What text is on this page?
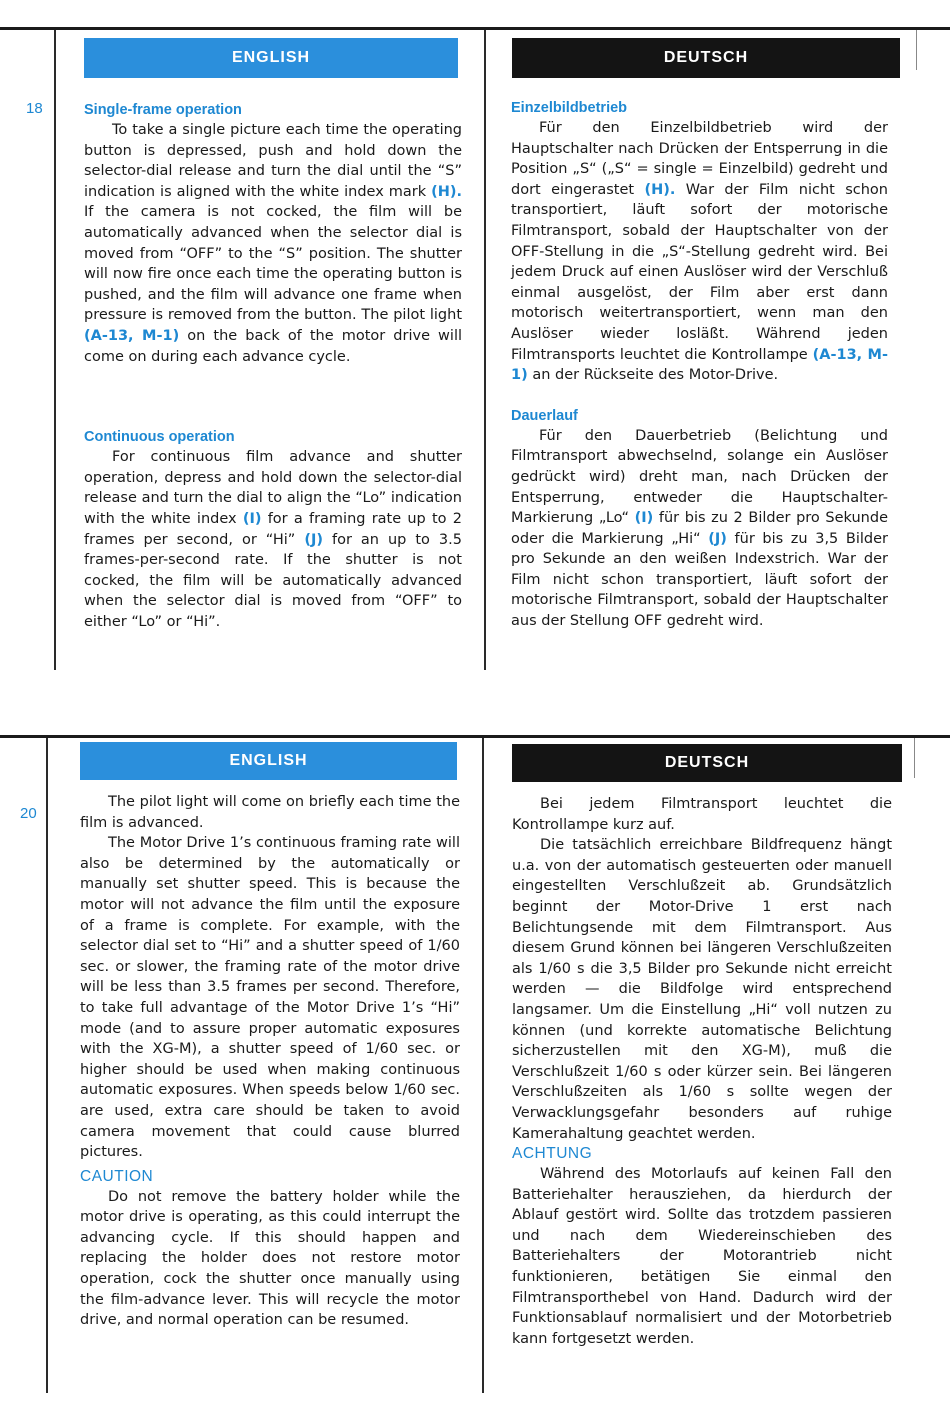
18
ENGLISH	DEUTSCH
Single-frame operation

To take a single picture each time the operating button is depressed, push and hold down the selector-dial release and turn the dial until the “S” indication is aligned with the white index mark (H). If the camera is not cocked, the film will be automatically advanced when the selector dial is moved from “OFF” to the “S” position. The shutter will now fire once each time the operating button is pushed, and the film will advance one frame when pressure is removed from the button. The pilot light (A-13, M-1) on the back of the motor drive will come on during each advance cycle.

Continuous operation

For continuous film advance and shutter operation, depress and hold down the selector-dial release and turn the dial to align the “Lo” indication with the white index (I) for a framing rate up to 2 frames per second, or “Hi” (J) for an up to 3.5 frames-per-second rate. If the shutter is not cocked, the film will be automatically advanced when the selector dial is moved from “OFF” to either “Lo” or “Hi”.

Einzelbildbetrieb

Für den Einzelbildbetrieb wird der Hauptschalter nach Drücken der Entsperrung in die Position „S“ („S“ = single = Einzelbild) gedreht und dort eingerastet (H). War der Film nicht schon transportiert, läuft sofort der motorische Filmtransport, sobald der Hauptschalter von der OFF-Stellung in die „S“-Stellung gedreht wird. Bei jedem Druck auf einen Auslöser wird der Verschluß einmal ausgelöst, der Film aber erst dann motorisch weitertransportiert, wenn man den Auslöser wieder losläßt. Während jeden Filmtransports leuchtet die Kontrollampe (A-13, M-1) an der Rückseite des Motor-Drive.

Dauerlauf

Für den Dauerbetrieb (Belichtung und Filmtransport abwechselnd, solange ein Auslöser gedrückt wird) dreht man, nach Drücken der Entsperrung, entweder die Hauptschalter-Markierung „Lo“ (I) für bis zu 2 Bilder pro Sekunde oder die Markierung „Hi“ (J) für bis zu 3,5 Bilder pro Sekunde an den weißen Indexstrich. War der Film nicht schon transportiert, läuft sofort der motorische Filmtransport, sobald der Hauptschalter aus der Stellung OFF gedreht wird.

20
ENGLISH	DEUTSCH

The pilot light will come on briefly each time the film is advanced.

The Motor Drive 1’s continuous framing rate will also be determined by the automatically or manually set shutter speed. This is because the motor will not advance the film until the exposure of a frame is complete. For example, with the selector dial set to “Hi” and a shutter speed of 1/60 sec. or slower, the framing rate of the motor drive will be less than 3.5 frames per second. Therefore, to take full advantage of the Motor Drive 1’s “Hi” mode (and to assure proper automatic exposures with the XG-M), a shutter speed of 1/60 sec. or higher should be used when making continuous automatic exposures. When speeds below 1/60 sec. are used, extra care should be taken to avoid camera movement that could cause blurred pictures.

CAUTION

Do not remove the battery holder while the motor drive is operating, as this could interrupt the advancing cycle. If this should happen and replacing the holder does not restore motor operation, cock the shutter once manually using the film-advance lever. This will recycle the motor drive, and normal operation can be resumed.

Bei jedem Filmtransport leuchtet die Kontrollampe kurz auf.

Die tatsächlich erreichbare Bildfrequenz hängt u.a. von der automatisch gesteuerten oder manuell eingestellten Verschlußzeit ab. Grundsätzlich beginnt der Motor-Drive 1 erst nach Belichtungsende mit dem Filmtransport. Aus diesem Grund können bei längeren Verschlußzeiten als 1/60 s die 3,5 Bilder pro Sekunde nicht erreicht werden — die Bildfolge wird entsprechend langsamer. Um die Einstellung „Hi“ voll nutzen zu können (und korrekte automatische Belichtung sicherzustellen mit den XG-M), muß die Verschlußzeit 1/60 s oder kürzer sein. Bei längeren Verschlußzeiten als 1/60 s sollte wegen der Verwacklungsgefahr besonders auf ruhige Kamerahaltung geachtet werden.

ACHTUNG

Während des Motorlaufs auf keinen Fall den Batteriehalter herausziehen, da hierdurch der Ablauf gestört wird. Sollte das trotzdem passieren und nach dem Wiedereinschieben des Batteriehalters der Motorantrieb nicht funktionieren, betätigen Sie einmal den Filmtransporthebel von Hand. Dadurch wird der Funktionsablauf normalisiert und der Motorbetrieb kann fortgesetzt werden.
